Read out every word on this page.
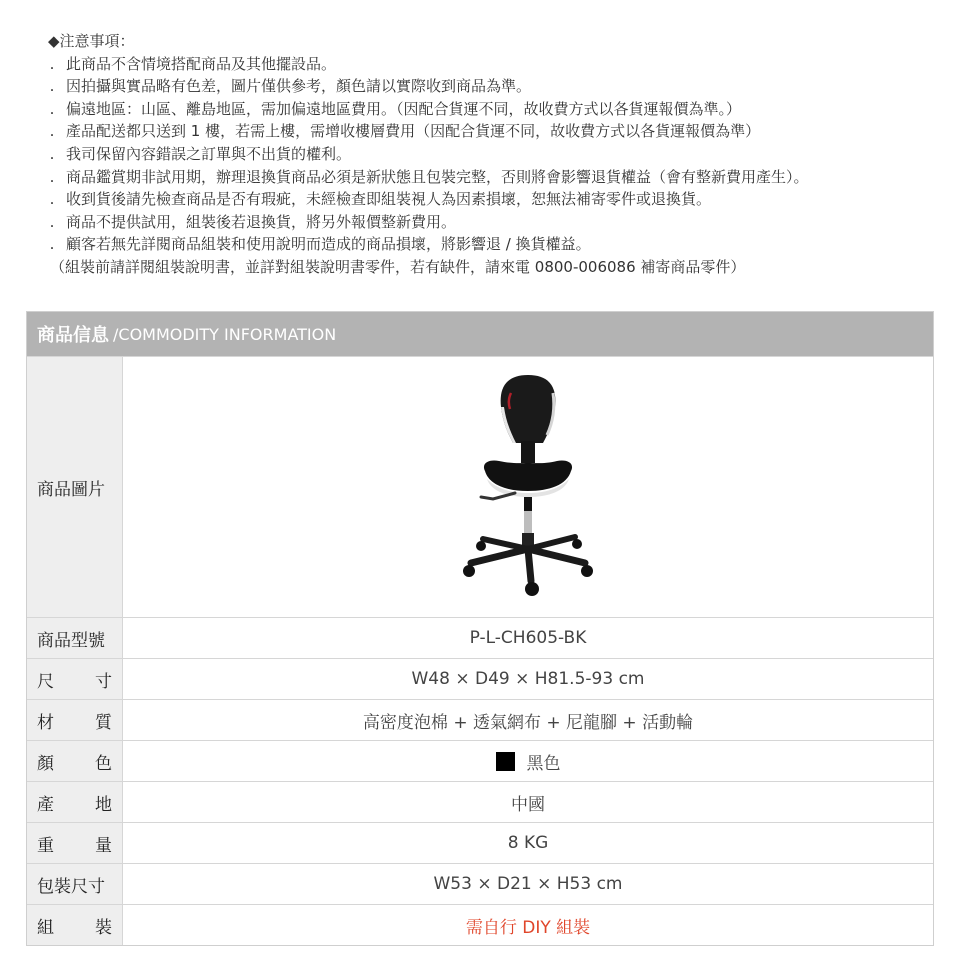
◆注意事項：
. 此商品不含情境搭配商品及其他擺設品。
. 因拍攝與實品略有色差，圖片僅供參考，顏色請以實際收到商品為準。
. 偏遠地區：山區、離島地區，需加偏遠地區費用。（因配合貨運不同，故收費方式以各貨運報價為準。）
. 產品配送都只送到 1 樓，若需上樓，需增收樓層費用（因配合貨運不同，故收費方式以各貨運報價為準）
. 我司保留內容錯誤之訂單與不出貨的權利。
. 商品鑑賞期非試用期，辦理退換貨商品必須是新狀態且包裝完整，否則將會影響退貨權益（會有整新費用產生）。
. 收到貨後請先檢查商品是否有瑕疵，未經檢查即組裝視人為因素損壞，恕無法補寄零件或退換貨。
. 商品不提供試用，組裝後若退換貨，將另外報價整新費用。
. 顧客若無先詳閱商品組裝和使用說明而造成的商品損壞，將影響退 / 換貨權益。
（組裝前請詳閱組裝說明書，並詳對組裝說明書零件，若有缺件，請來電 0800-006086 補寄商品零件）
商品信息 /COMMODITY INFORMATION
商品圖片
商品型號	P-L-CH605-BK
尺 寸	W48 × D49 × H81.5-93 cm
材 質	高密度泡棉 + 透氣網布 + 尼龍腳 + 活動輪
顏 色	黑色
產 地	中國
重 量	8 KG
包裝尺寸	W53 × D21 × H53 cm
組 裝	需自行 DIY 組裝
